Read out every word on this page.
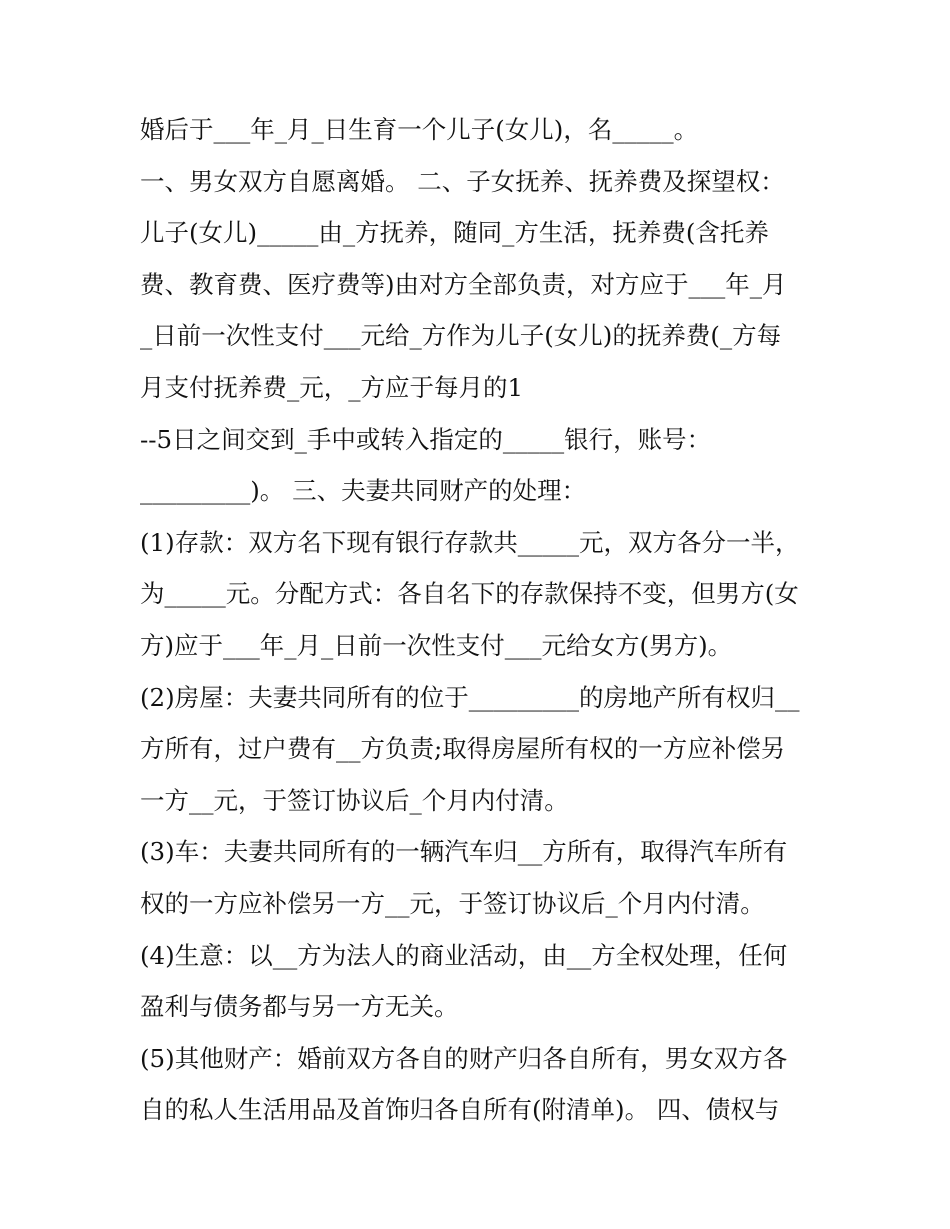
婚后于___年_月_日生育一个儿子(女儿)，名_____。
一、男女双方自愿离婚。 二、子女抚养、抚养费及探望权：
儿子(女儿)_____由_方抚养，随同_方生活，抚养费(含托养
费、教育费、医疗费等)由对方全部负责，对方应于___年_月
_日前一次性支付___元给_方作为儿子(女儿)的抚养费(_方每
月支付抚养费_元，_方应于每月的1
--5日之间交到_手中或转入指定的_____银行，账号：
_________)。 三、夫妻共同财产的处理：
(1)存款：双方名下现有银行存款共_____元，双方各分一半，
为_____元。分配方式：各自名下的存款保持不变，但男方(女
方)应于___年_月_日前一次性支付___元给女方(男方)。
(2)房屋：夫妻共同所有的位于_________的房地产所有权归__
方所有，过户费有__方负责;取得房屋所有权的一方应补偿另
一方__元，于签订协议后_个月内付清。
(3)车：夫妻共同所有的一辆汽车归__方所有，取得汽车所有
权的一方应补偿另一方__元，于签订协议后_个月内付清。
(4)生意：以__方为法人的商业活动，由__方全权处理，任何
盈利与债务都与另一方无关。
(5)其他财产：婚前双方各自的财产归各自所有，男女双方各
自的私人生活用品及首饰归各自所有(附清单)。 四、债权与
